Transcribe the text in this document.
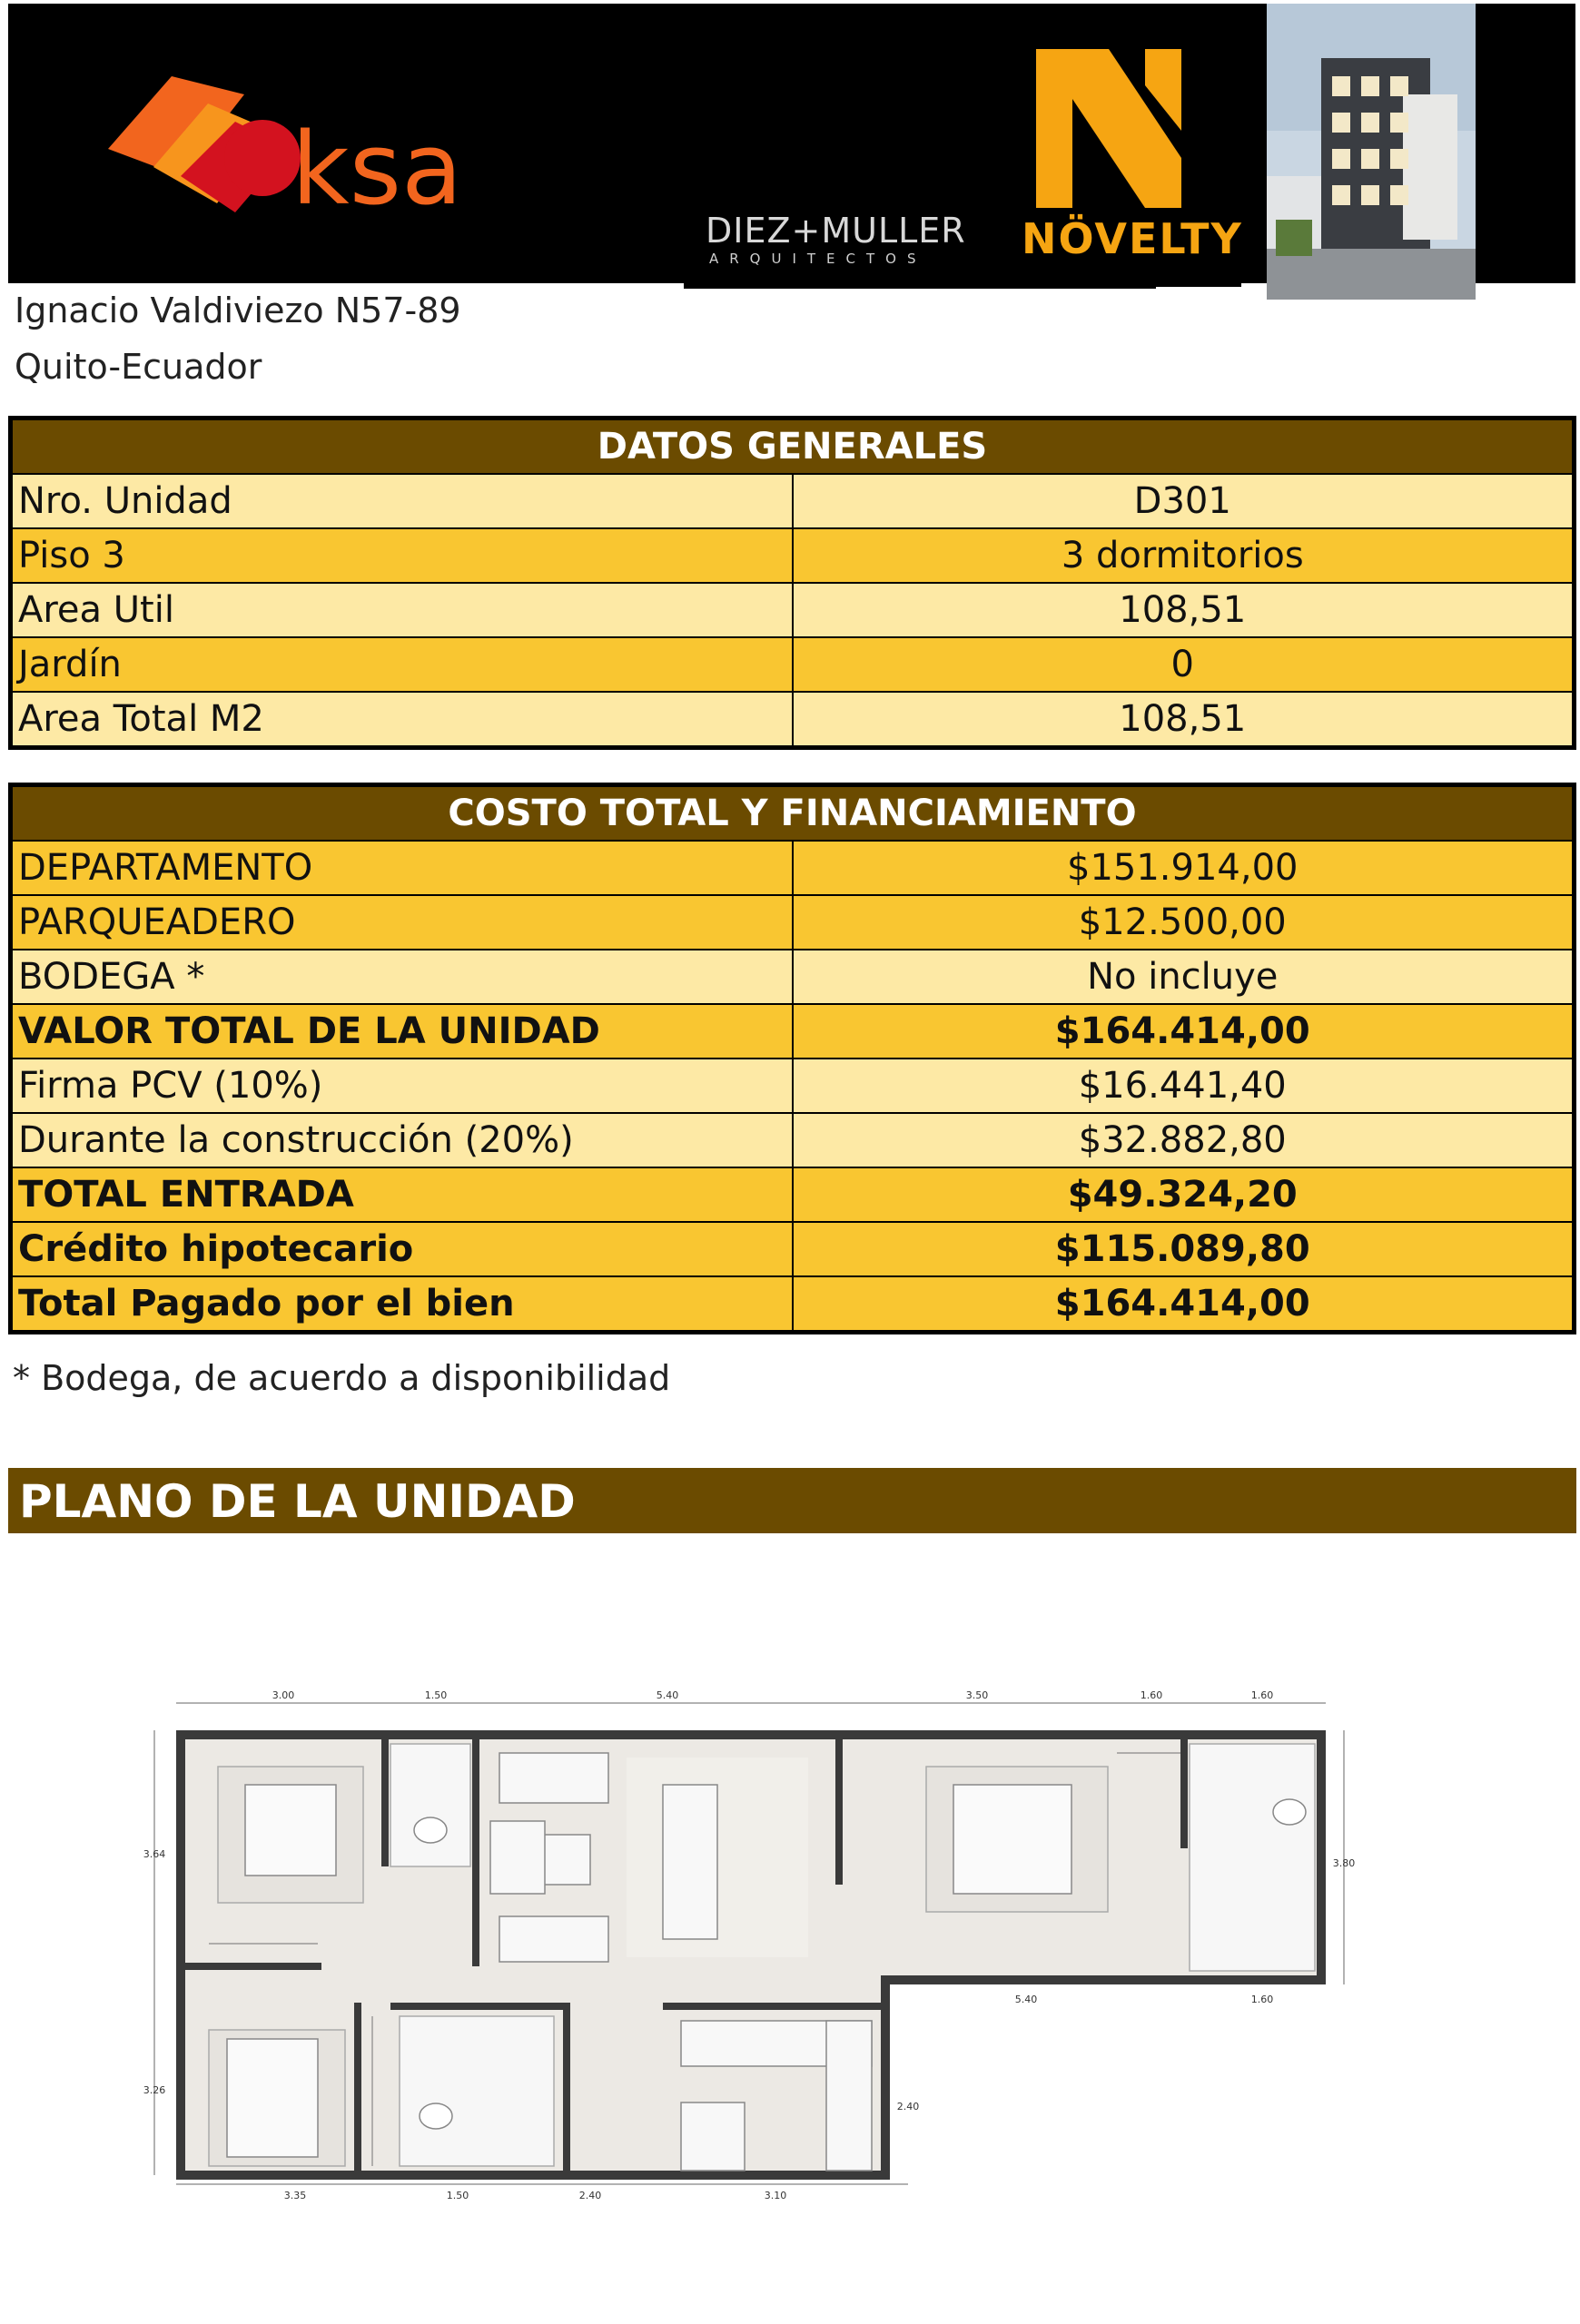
ksa
DIEZ+MULLER
ARQUITECTOS NÖVELTY
Ignacio Valdiviezo N57-89
Quito-Ecuador
DATOS GENERALES	
Nro. Unidad	D301
Piso 3	3 dormitorios
Area Util	108,51
Jardín	0
Area Total M2	108,51
COSTO TOTAL Y FINANCIAMIENTO	
DEPARTAMENTO	$151.914,00
PARQUEADERO	$12.500,00
BODEGA *	No incluye
VALOR TOTAL DE LA UNIDAD	$164.414,00
Firma PCV (10%)	$16.441,40
Durante la construcción (20%)	$32.882,80
TOTAL ENTRADA	$49.324,20
Crédito hipotecario	$115.089,80
Total Pagado por el bien	$164.414,00
* Bodega, de acuerdo a disponibilidad
PLANO DE LA UNIDAD
3.00	1.50	5.40	3.50	1.60	1.60
3.35	1.50	2.40	3.10
3.64
3.26
3.80
2.40
5.40	1.60
